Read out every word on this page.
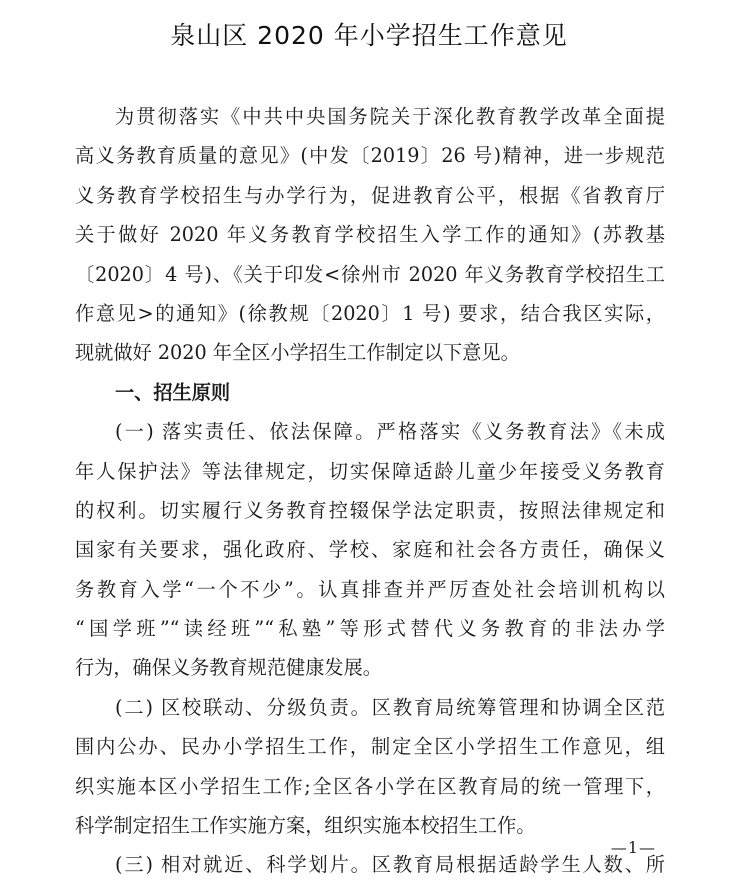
泉山区 2020 年小学招生工作意见
为贯彻落实《中共中央国务院关于深化教育教学改革全面提
高义务教育质量的意见》(中发〔2019〕26 号)精神，进一步规范
义务教育学校招生与办学行为，促进教育公平，根据《省教育厅
关于做好 2020 年义务教育学校招生入学工作的通知》(苏教基
〔2020〕4 号)、《关于印发<徐州市 2020 年义务教育学校招生工
作意见>的通知》(徐教规〔2020〕1 号) 要求，结合我区实际，
现就做好 2020 年全区小学招生工作制定以下意见。
一、招生原则
(一) 落实责任、依法保障。严格落实《义务教育法》《未成
年人保护法》等法律规定，切实保障适龄儿童少年接受义务教育
的权利。切实履行义务教育控辍保学法定职责，按照法律规定和
国家有关要求，强化政府、学校、家庭和社会各方责任，确保义
务教育入学“一个不少”。认真排查并严厉查处社会培训机构以
“国学班”“读经班”“私塾”等形式替代义务教育的非法办学
行为，确保义务教育规范健康发展。
(二) 区校联动、分级负责。区教育局统筹管理和协调全区范
围内公办、民办小学招生工作，制定全区小学招生工作意见，组
织实施本区小学招生工作;全区各小学在区教育局的统一管理下，
科学制定招生工作实施方案，组织实施本校招生工作。
(三) 相对就近、科学划片。区教育局根据适龄学生人数、所
—1—
